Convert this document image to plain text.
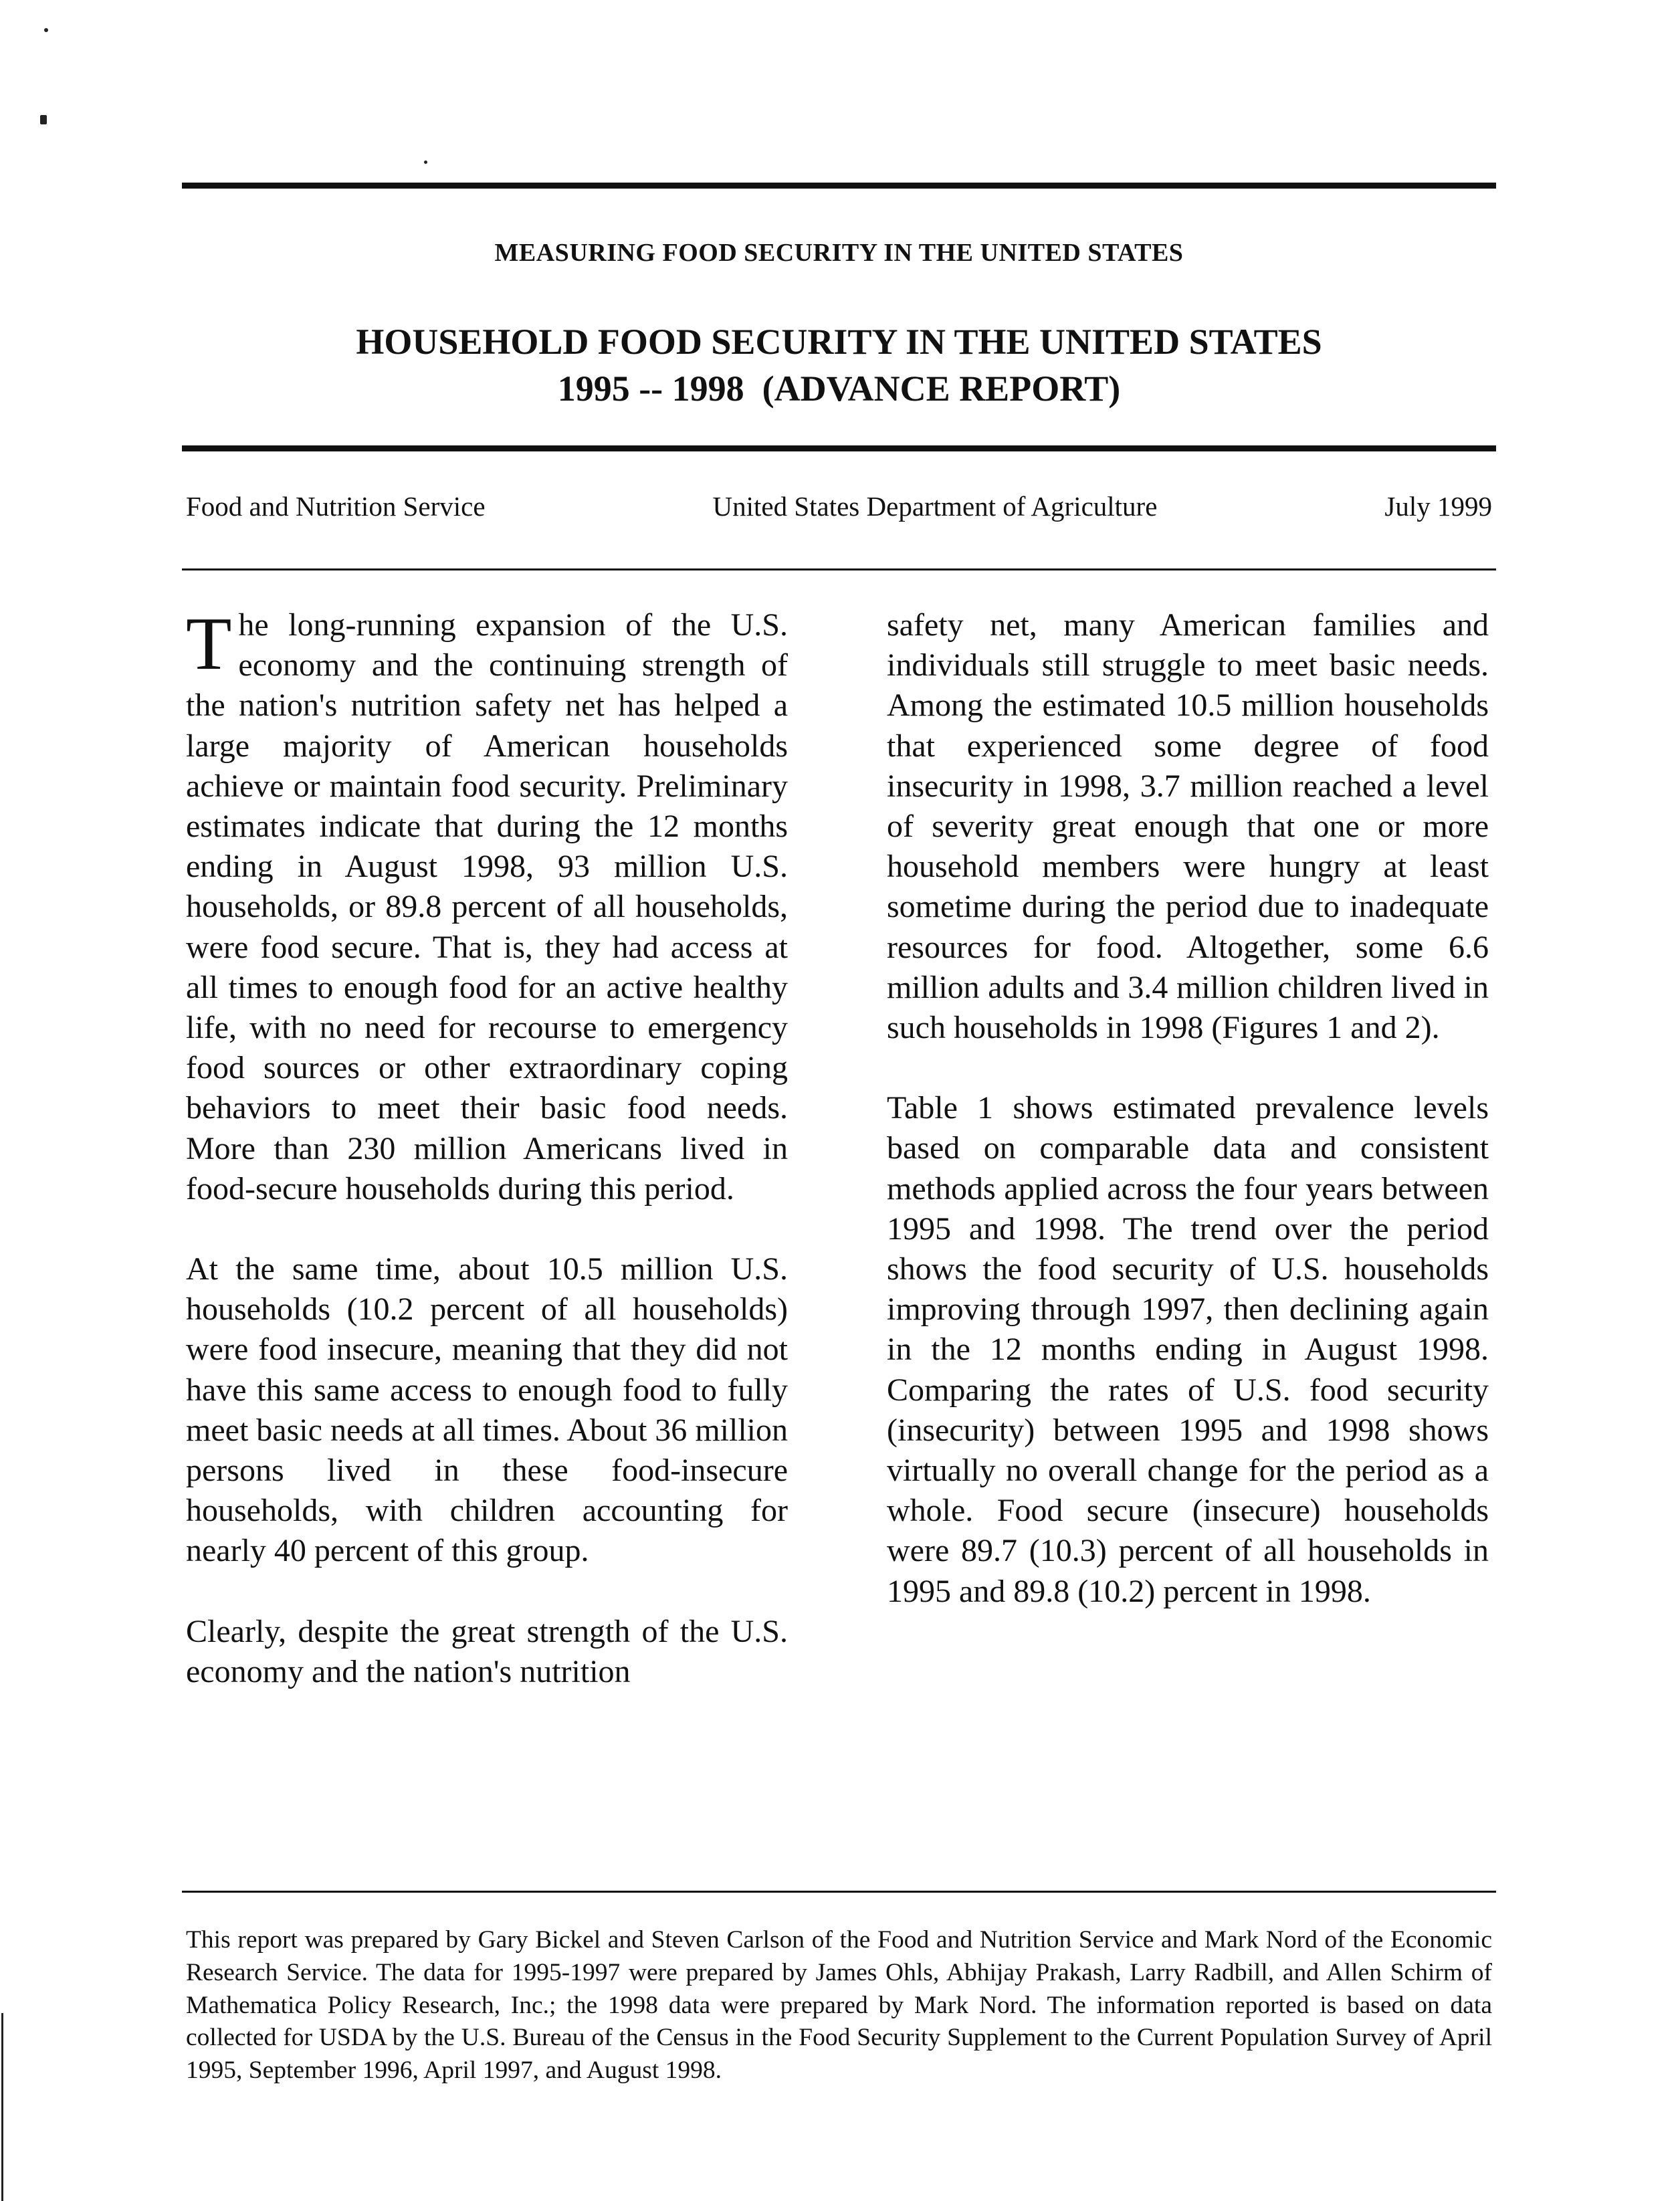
MEASURING FOOD SECURITY IN THE UNITED STATES
HOUSEHOLD FOOD SECURITY IN THE UNITED STATES
1995 -- 1998  (ADVANCE REPORT)
Food and Nutrition Service	United States Department of Agriculture	July 1999

The long-running expansion of the U.S. economy and the continuing strength of the nation's nutrition safety net has helped a large majority of American households achieve or maintain food security. Preliminary estimates indicate that during the 12 months ending in August 1998, 93 million U.S. households, or 89.8 percent of all households, were food secure. That is, they had access at all times to enough food for an active healthy life, with no need for recourse to emergency food sources or other extraordinary coping behaviors to meet their basic food needs. More than 230 million Americans lived in food-secure households during this period.

At the same time, about 10.5 million U.S. households (10.2 percent of all households) were food insecure, meaning that they did not have this same access to enough food to fully meet basic needs at all times. About 36 million persons lived in these food-insecure households, with children accounting for nearly 40 percent of this group.

Clearly, despite the great strength of the U.S. economy and the nation's nutrition

safety net, many American families and individuals still struggle to meet basic needs. Among the estimated 10.5 million households that experienced some degree of food insecurity in 1998, 3.7 million reached a level of severity great enough that one or more household members were hungry at least sometime during the period due to inadequate resources for food. Altogether, some 6.6 million adults and 3.4 million children lived in such households in 1998 (Figures 1 and 2).

Table 1 shows estimated prevalence levels based on comparable data and consistent methods applied across the four years between 1995 and 1998. The trend over the period shows the food security of U.S. households improving through 1997, then declining again in the 12 months ending in August 1998. Comparing the rates of U.S. food security (insecurity) between 1995 and 1998 shows virtually no overall change for the period as a whole. Food secure (insecure) households were 89.7 (10.3) percent of all households in 1995 and 89.8 (10.2) percent in 1998.

This report was prepared by Gary Bickel and Steven Carlson of the Food and Nutrition Service and Mark Nord of the Economic Research Service. The data for 1995-1997 were prepared by James Ohls, Abhijay Prakash, Larry Radbill, and Allen Schirm of Mathematica Policy Research, Inc.; the 1998 data were prepared by Mark Nord. The information reported is based on data collected for USDA by the U.S. Bureau of the Census in the Food Security Supplement to the Current Population Survey of April 1995, September 1996, April 1997, and August 1998.
